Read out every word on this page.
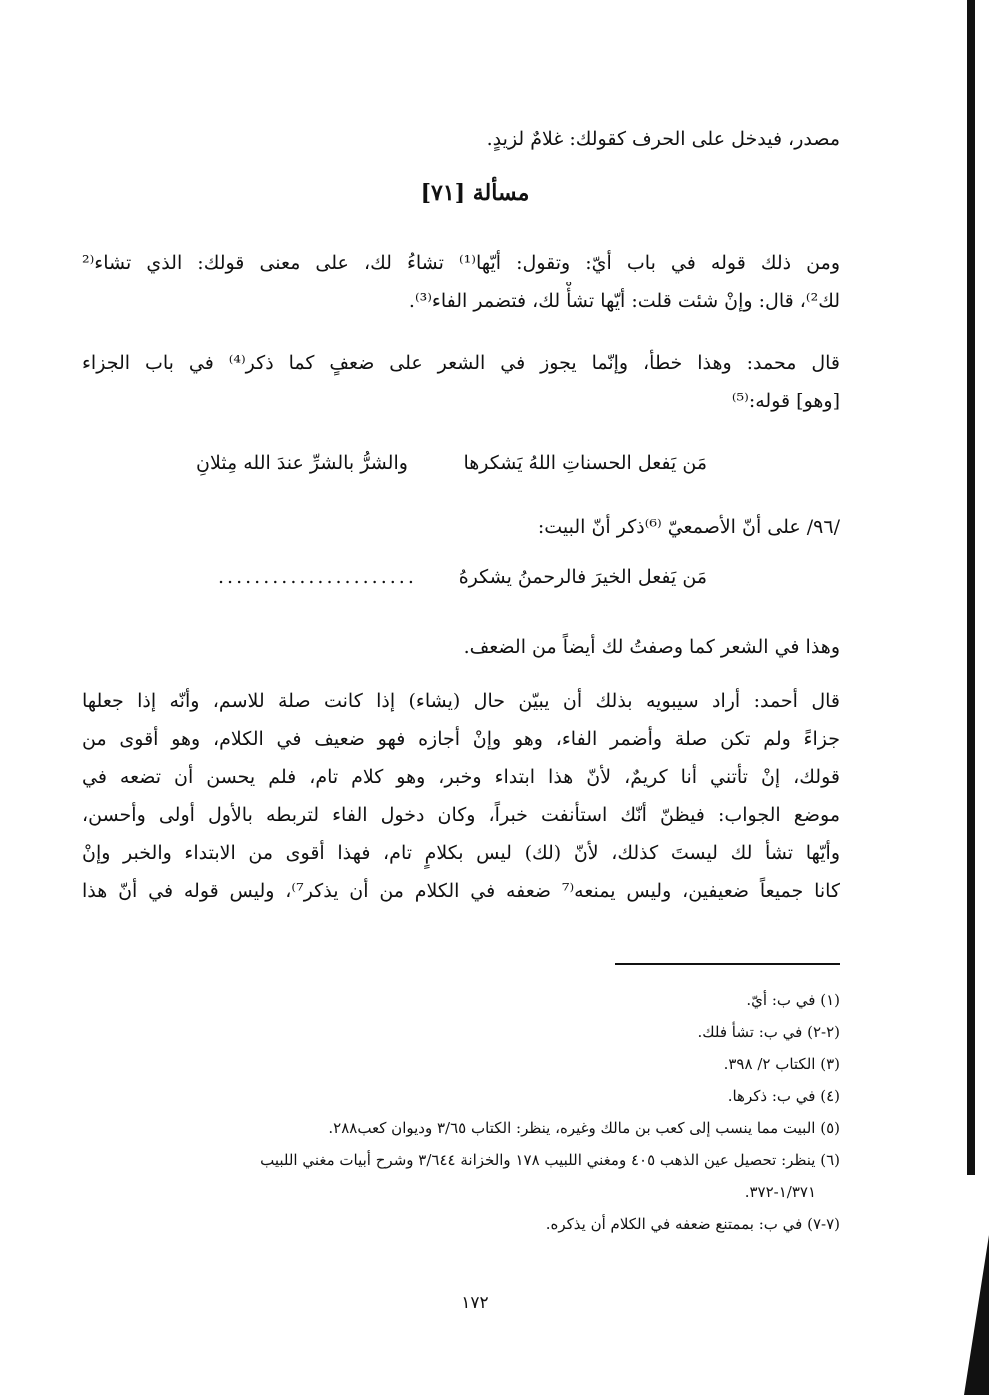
مصدر، فيدخل على الحرف كقولك: غلامٌ لزيدٍ.
مسألة [٧١]
ومن ذلك قوله في باب أيّ: وتقول: أيّها⁽¹⁾ تشاءُ لك، على معنى قولك: الذي تشاء⁽²
لك²⁾، قال: وإنْ شئت قلت: أيّها تشأْ لك، فتضمر الفاء⁽³⁾.
قال محمد: وهذا خطأ، وإنّما يجوز في الشعر على ضعفٍ كما ذكر⁽⁴⁾ في باب الجزاء
[وهو] قوله:⁽⁵⁾
مَن يَفعل الحسناتِ اللهُ يَشكرها
والشرُّ بالشرِّ عندَ الله مِثلانِ
/٩٦/ على أنّ الأصمعيّ ⁽⁶⁾ذكر أنّ البيت:
مَن يَفعل الخيرَ فالرحمنُ يشكرهُ
......................
وهذا في الشعر كما وصفتُ لك أيضاً من الضعف.
قال أحمد: أراد سيبويه بذلك أن يبيّن حال (يشاء) إذا كانت صلة للاسم، وأنّه إذا جعلها
جزاءً ولم تكن صلة وأضمر الفاء، وهو وإنْ أجازه فهو ضعيف في الكلام، وهو أقوى من
قولك، إنْ تأتني أنا كريمٌ، لأنّ هذا ابتداء وخبر، وهو كلام تام، فلم يحسن أن تضعه في
موضع الجواب: فيظنّ أنّك استأنفت خبراً، وكان دخول الفاء لتربطه بالأول أولى وأحسن،
وأيّها تشأ لك ليستَ كذلك، لأنّ (لك) ليس بكلامٍ تام، فهذا أقوى من الابتداء والخبر وإنْ
كانا جميعاً ضعيفين، وليس يمنعه⁽⁷ ضعفه في الكلام من أن يذكر⁷⁾، وليس قوله في أنّ هذا
(١) في ب: أيّ.
(٢-٢) في ب: تشأ فلك.
(٣) الكتاب ٢/ ٣٩٨.
(٤) في ب: ذكرها.
(٥) البيت مما ينسب إلى كعب بن مالك وغيره، ينظر: الكتاب ٣/٦٥ وديوان كعب٢٨٨.
(٦) ينظر: تحصيل عين الذهب ٤٠٥ ومغني اللبيب ١٧٨ والخزانة ٣/٦٤٤ وشرح أبيات مغني اللبيب
١/٣٧١-٣٧٢.
(٧-٧) في ب: بممتنع ضعفه في الكلام أن يذكره.
١٧٢
